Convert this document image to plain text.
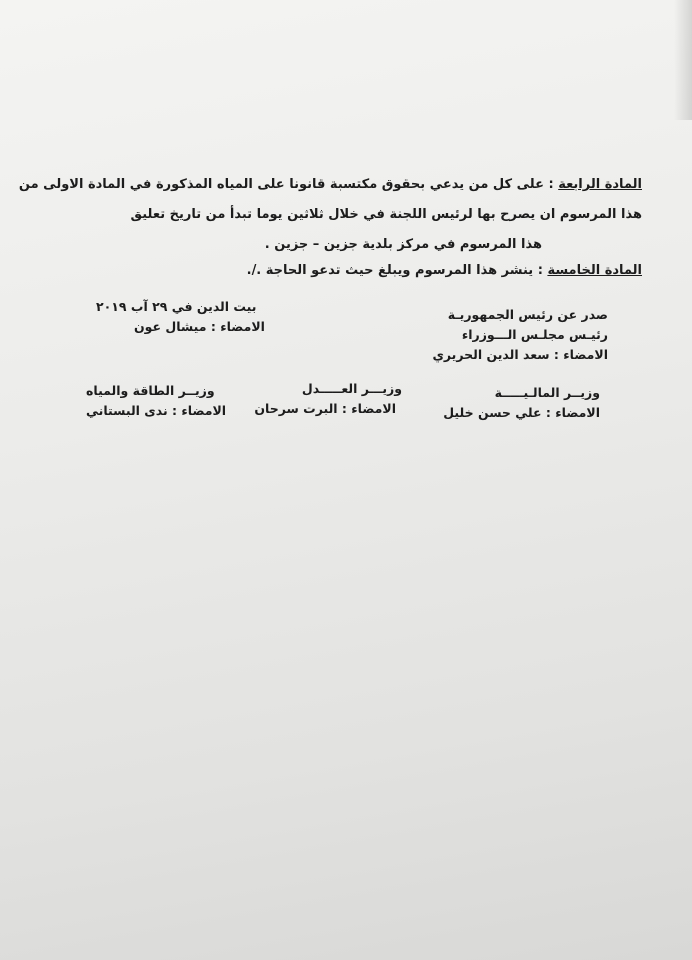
المادة الرابعة : على كل من يدعي بحقوق مكتسبة قانونا على المياه المذكورة في المادة الاولى من
هذا المرسوم ان يصرح بها لرئيس اللجنة في خلال ثلاثين يوما تبدأ من تاريخ تعليق
هذا المرسوم في مركز بلدية جزين – جزين .
المادة الخامسة : ينشر هذا المرسوم ويبلغ حيث تدعو الحاجة ./.
صدر عن رئيس الجمهوريـة
رئيـس مجلـس الـــوزراء
الامضاء : سعد الدين الحريري
بيت الدين في ٢٩ آب ٢٠١٩
الامضاء : ميشال عون
وزيــر المالـيـــــة
الامضاء : علي حسن خليل
وزيـــر العـــــدل
الامضاء : البرت سرحان
وزيــر الطاقة والمياه
الامضاء : ندى البستاني
